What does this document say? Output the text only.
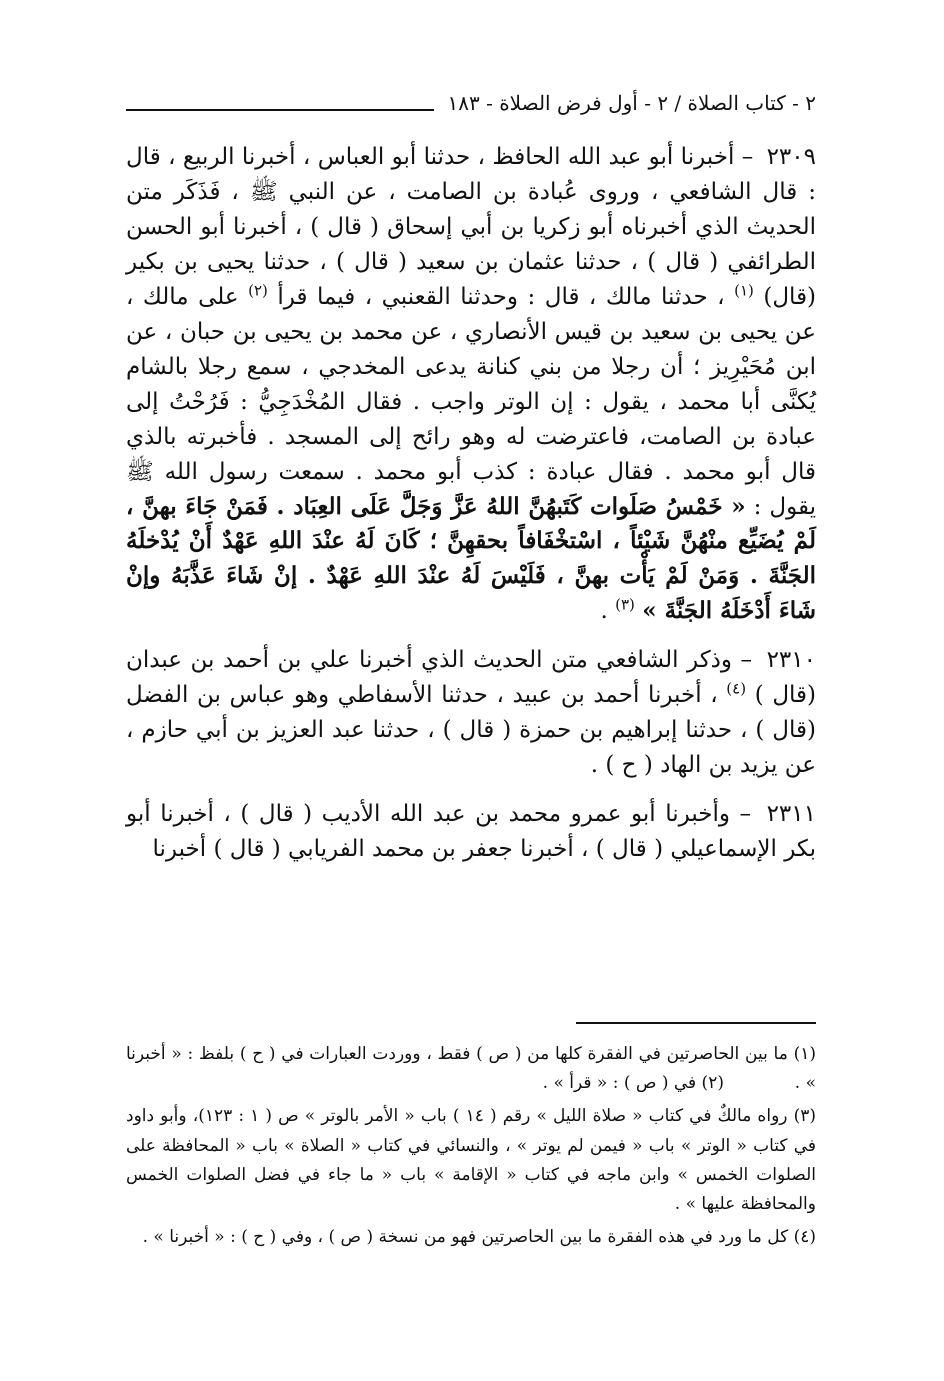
٢ - كتاب الصلاة / ٢ - أول فرض الصلاة - ١٨٣

٢٣٠٩ – أخبرنا أبو عبد الله الحافظ ، حدثنا أبو العباس ، أخبرنا الربيع ، قال : قال الشافعي ، وروى عُبادة بن الصامت ، عن النبي ﷺ ، فَذَكَر متن الحديث الذي أخبرناه أبو زكريا بن أبي إسحاق ( قال ) ، أخبرنا أبو الحسن الطرائفي ( قال ) ، حدثنا عثمان بن سعيد ( قال ) ، حدثنا يحيى بن بكير (قال) $^{(١)}$ ، حدثنا مالك ، قال : وحدثنا القعنبي ، فيما قرأ $^{(٢)}$ على مالك ، عن يحيى بن سعيد بن قيس الأنصاري ، عن محمد بن يحيى بن حبان ، عن ابن مُحَيْرِيز ؛ أن رجلا من بني كنانة يدعى المخدجي ، سمع رجلا بالشام يُكنَّى أبا محمد ، يقول : إن الوتر واجب . فقال المُخْدَجِيُّ : فَرُحْتُ إلى عبادة بن الصامت، فاعترضت له وهو رائح إلى المسجد . فأخبرته بالذي قال أبو محمد . فقال عبادة : كذب أبو محمد . سمعت رسول الله ﷺ يقول : « خَمْسُ صَلَوات كَتَبهُنَّ اللهُ عَزَّ وَجَلَّ عَلَى العِبَاد . فَمَنْ جَاءَ بهنَّ ، لَمْ يُضَيِّع منْهُنَّ شَيْئاً ، اسْتخْفَافاً بحقهِنَّ ؛ كَانَ لَهُ عنْدَ اللهِ عَهْدٌ أَنْ يُدْخلَهُ الجَنَّةَ . وَمَنْ لَمْ يَأْت بهنَّ ، فَلَيْسَ لَهُ عنْدَ اللهِ عَهْدٌ . إنْ شَاءَ عَذَّبَهُ وإنْ شَاءَ أَدْخَلَهُ الجَنَّةَ » $^{(٣)}$ .

٢٣١٠ – وذكر الشافعي متن الحديث الذي أخبرنا علي بن أحمد بن عبدان (قال ) $^{(٤)}$ ، أخبرنا أحمد بن عبيد ، حدثنا الأسفاطي وهو عباس بن الفضل (قال ) ، حدثنا إبراهيم بن حمزة ( قال ) ، حدثنا عبد العزيز بن أبي حازم ، عن يزيد بن الهاد ( ح ) .

٢٣١١ – وأخبرنا أبو عمرو محمد بن عبد الله الأديب ( قال ) ، أخبرنا أبو بكر الإسماعيلي ( قال ) ، أخبرنا جعفر بن محمد الفريابي ( قال ) أخبرنا

(١) ما بين الحاصرتين في الفقرة كلها من ( ص ) فقط ، ووردت العبارات في ( ح ) بلفظ : « أخبرنا » .  (٢) في ( ص ) : « قرأ » .

(٣) رواه مالكٌ في كتاب « صلاة الليل » رقم ( ١٤ ) باب « الأمر بالوتر » ص ( ١ : ١٢٣)، وأبو داود في كتاب « الوتر » باب « فيمن لم يوتر » ، والنسائي في كتاب « الصلاة » باب « المحافظة على الصلوات الخمس » وابن ماجه في كتاب « الإقامة » باب « ما جاء في فضل الصلوات الخمس والمحافظة عليها » .

(٤) كل ما ورد في هذه الفقرة ما بين الحاصرتين فهو من نسخة ( ص ) ، وفي ( ح ) : « أخبرنا » .
